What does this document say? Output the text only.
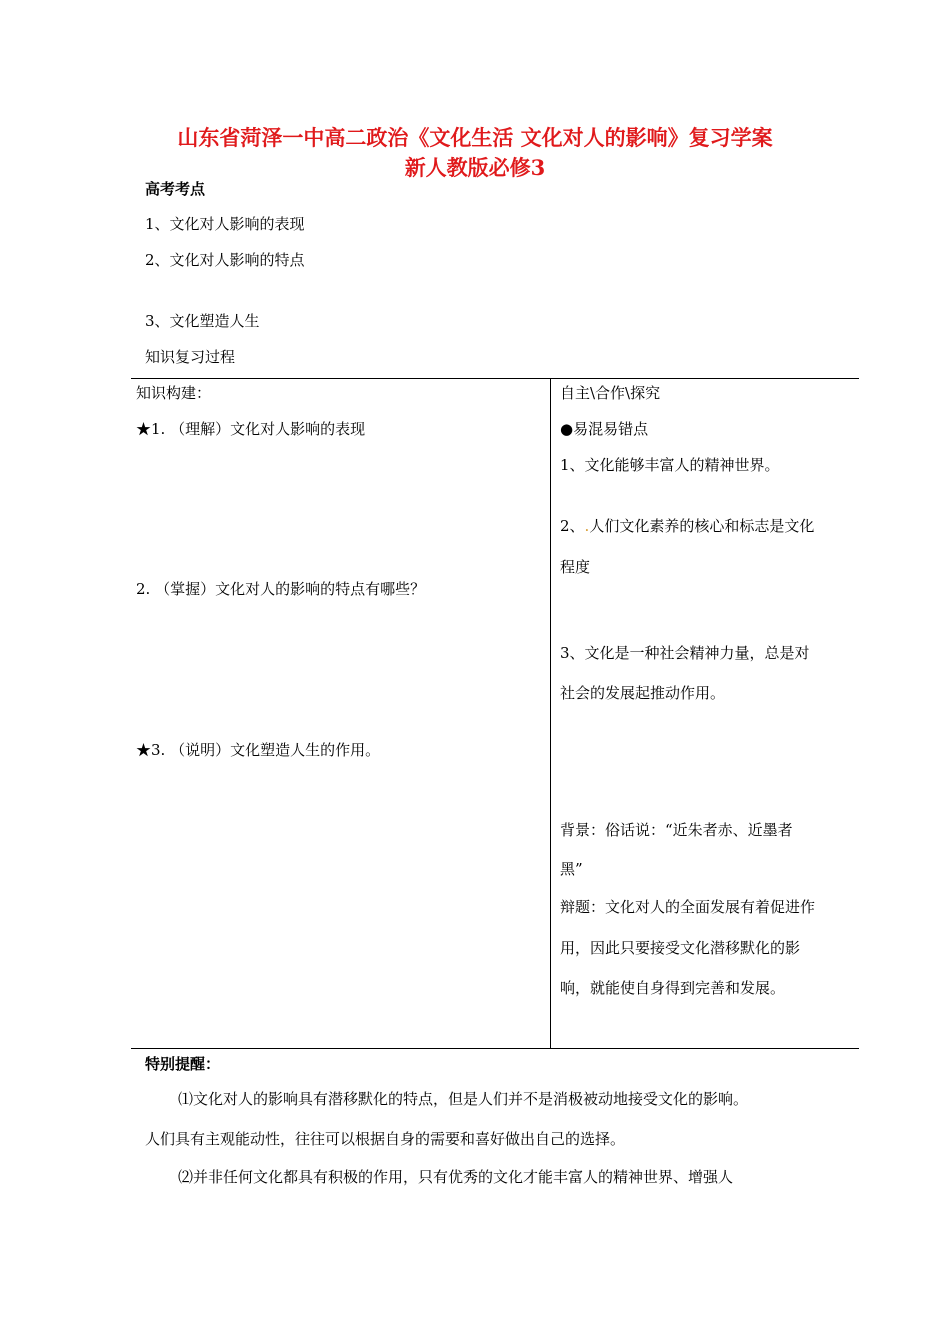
山东省菏泽一中高二政治《文化生活 文化对人的影响》复习学案
新人教版必修3
高考考点
1、文化对人影响的表现
2、文化对人影响的特点
3、文化塑造人生
知识复习过程
知识构建：
★1. （理解）文化对人影响的表现
2. （掌握）文化对人的影响的特点有哪些？
★3. （说明）文化塑造人生的作用。
自主\合作\探究
●易混易错点
1、文化能够丰富人的精神世界。
2、.人们文化素养的核心和标志是文化
程度
3、文化是一种社会精神力量，总是对
社会的发展起推动作用。
背景：俗话说：“近朱者赤、近墨者
黑”
辩题：文化对人的全面发展有着促进作
用，因此只要接受文化潜移默化的影
响，就能使自身得到完善和发展。
特别提醒：
⑴文化对人的影响具有潜移默化的特点，但是人们并不是消极被动地接受文化的影响。
人们具有主观能动性，往往可以根据自身的需要和喜好做出自己的选择。
⑵并非任何文化都具有积极的作用，只有优秀的文化才能丰富人的精神世界、增强人
